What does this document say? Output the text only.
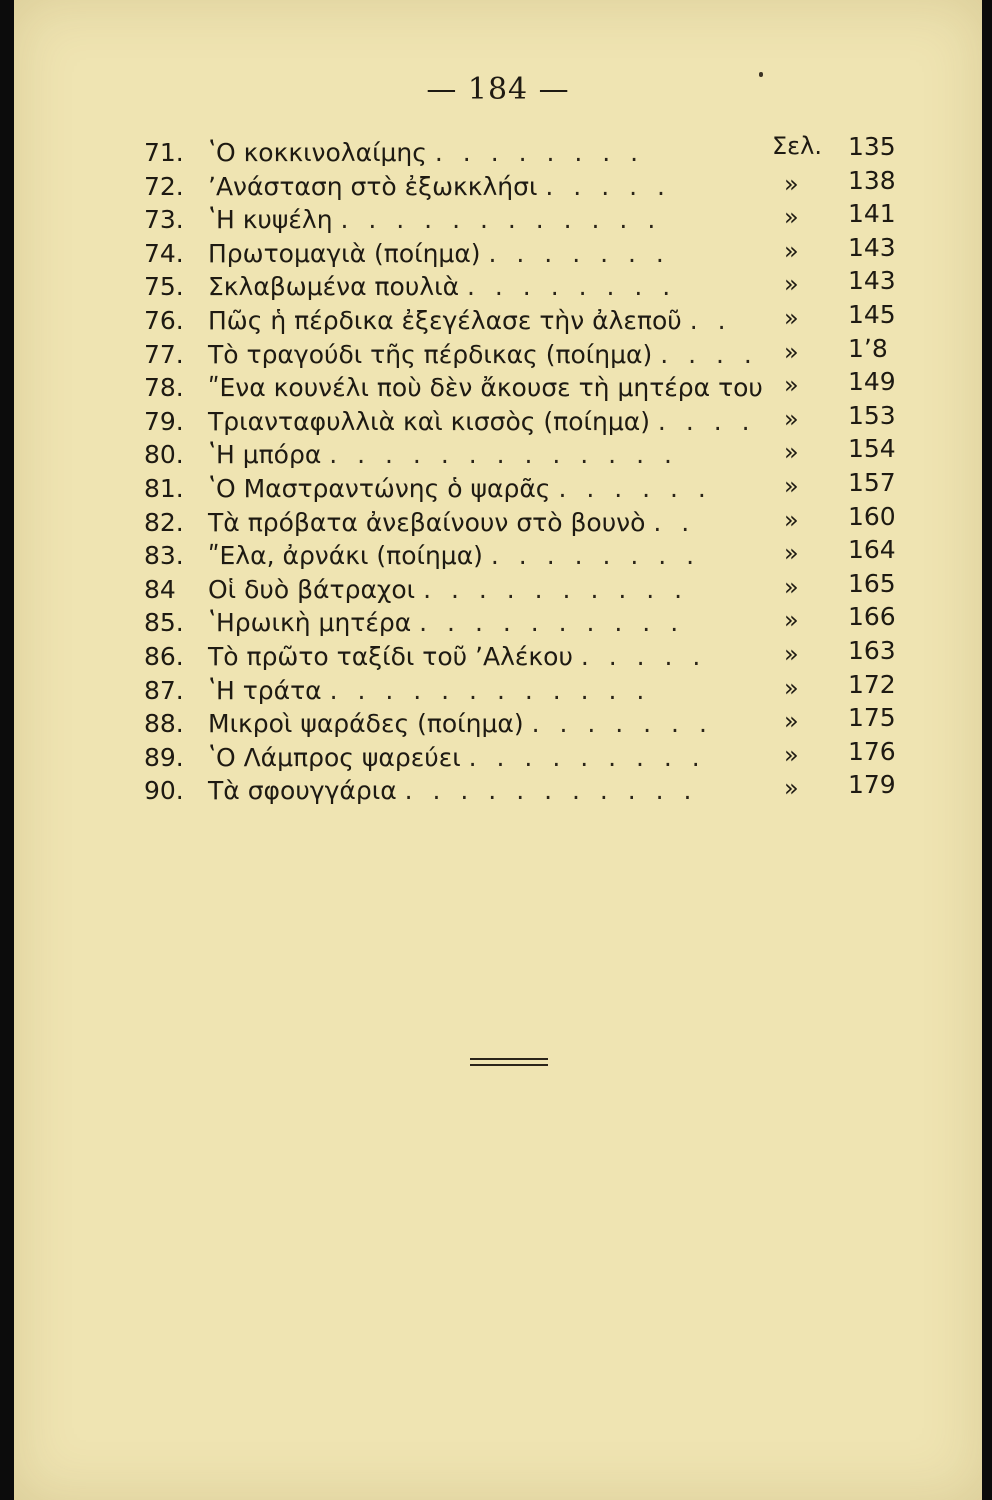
— 184 —
71. ʽΟ κοκκινολαίμης . . . . . . . .	Σελ. 135
72. ʼΑνάσταση στὸ ἐξωκκλήσι . . . . .	» 138
73. ʽΗ κυψέλη . . . . . . . . . . . .	» 141
74. Πρωτομαγιὰ (ποίημα) . . . . . . .	» 143
75. Σκλαβωμένα πουλιὰ . . . . . . . .	» 143
76. Πῶς ἡ πέρδικα ἐξεγέλασε τὴν ἀλεποῦ . . » 145
77. Τὸ τραγούδι τῆς πέρδικας (ποίημα) . . . . » 1ʼ8
78. ʺΕνα κουνέλι ποὺ δὲν ἄκουσε τὴ μητέρα του » 149
79. Τριανταφυλλιὰ καὶ κισσὸς (ποίημα) . . . . » 153
80. ʽΗ μπόρα . . . . . . . . . . . . .	» 154
81. ʽΟ Μαστραντώνης ὁ ψαρᾶς . . . . . .	» 157
82. Τὰ πρόβατα ἀνεβαίνουν στὸ βουνὸ . .	» 160
83. ʺΕλα, ἀρνάκι (ποίημα) . . . . . . . .	» 164
84 Οἱ δυὸ βάτραχοι . . . . . . . . . .	» 165
85. ʽΗρωικὴ μητέρα . . . . . . . . . .	» 166
86. Τὸ πρῶτο ταξίδι τοῦ ʼΑλέκου . . . . .	» 163
87. ʽΗ τράτα . . . . . . . . . . . .	» 172
88. Μικροὶ ψαράδες (ποίημα) . . . . . . .	» 175
89. ʽΟ Λάμπρος ψαρεύει . . . . . . . . .	» 176
90. Τὰ σφουγγάρια . . . . . . . . . . .	» 179
